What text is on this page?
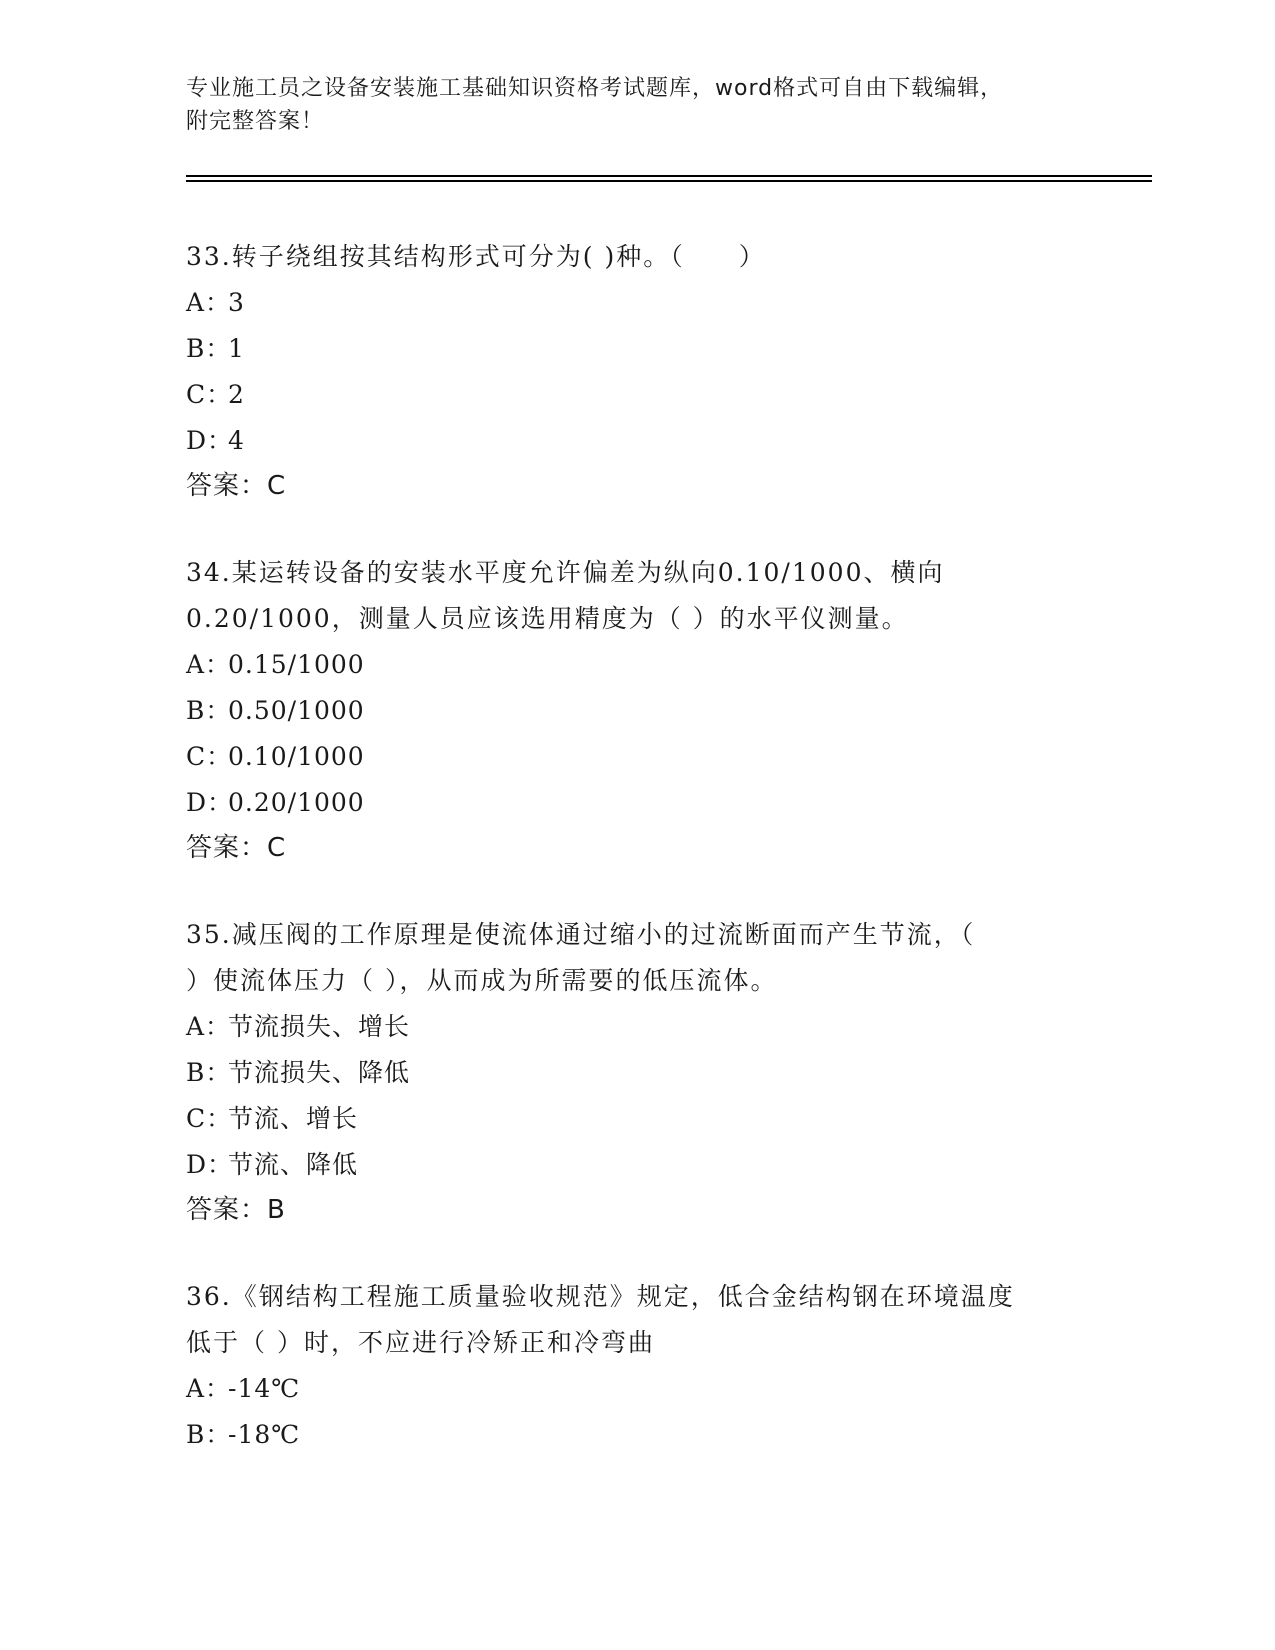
专业施工员之设备安装施工基础知识资格考试题库，word格式可自由下载编辑，
附完整答案！
33.转子绕组按其结构形式可分为( )种。（　　）
A：3
B：1
C：2
D：4
答案：C
34.某运转设备的安装水平度允许偏差为纵向0.10/1000、横向
0.20/1000，测量人员应该选用精度为（ ）的水平仪测量。
A：0.15/1000
B：0.50/1000
C：0.10/1000
D：0.20/1000
答案：C
35.减压阀的工作原理是使流体通过缩小的过流断面而产生节流，（
）使流体压力（ ），从而成为所需要的低压流体。
A：节流损失、增长
B：节流损失、降低
C：节流、增长
D：节流、降低
答案：B
36.《钢结构工程施工质量验收规范》规定，低合金结构钢在环境温度
低于（ ）时，不应进行冷矫正和冷弯曲
A：-14℃
B：-18℃
